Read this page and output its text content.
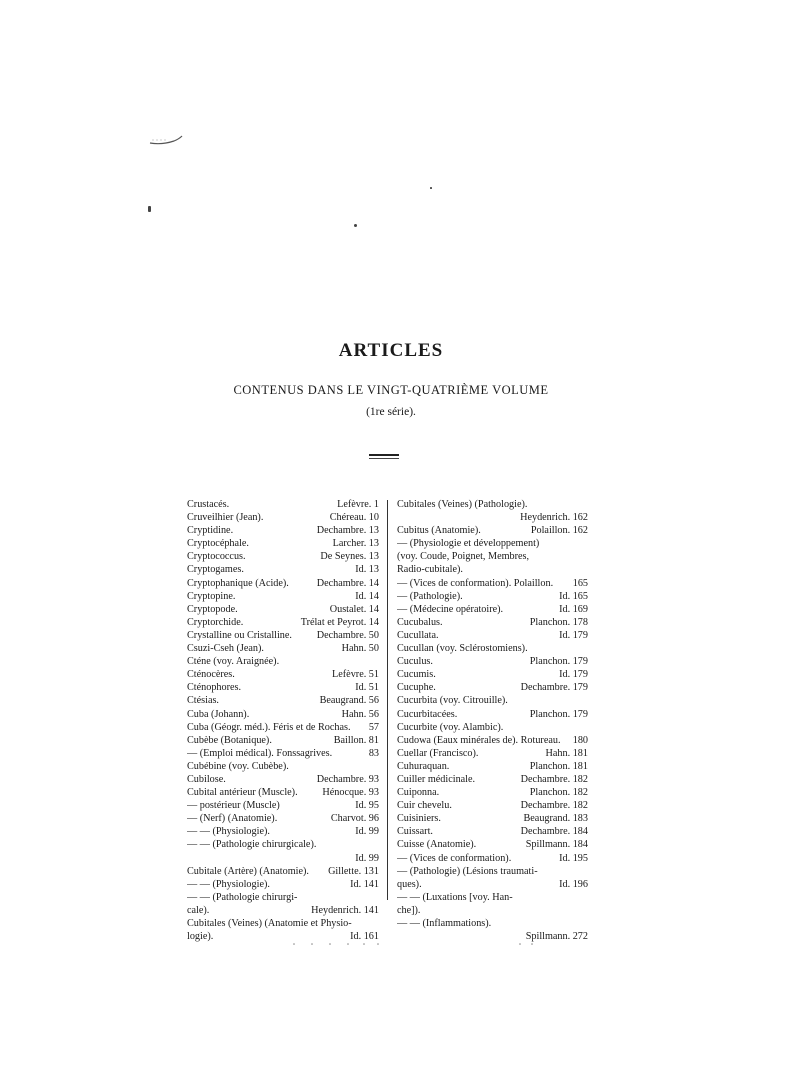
ARTICLES
CONTENUS DANS LE VINGT-QUATRIÈME VOLUME
(1re série).
Crustacés.	Lefèvre. 1
Cruveilhier (Jean).	Chéreau. 10
Cryptidine.	Dechambre. 13
Cryptocéphale.	Larcher. 13
Cryptococcus.	De Seynes. 13
Cryptogames.	Id. 13
Cryptophanique (Acide).	Dechambre. 14
Cryptopine.	Id. 14
Cryptopode.	Oustalet. 14
Cryptorchide.	Trélat et Peyrot. 14
Crystalline ou Cristalline. Dechambre. 50
Csuzi-Cseh (Jean).	Hahn. 50
Cténe (voy. Araignée).
Cténocères.	Lefèvre. 51
Cténophores.	Id. 51
Ctésias.	Beaugrand. 56
Cuba (Johann).	Hahn. 56
Cuba (Géogr. méd.). Féris et de Rochas. 57
Cubèbe (Botanique).	Baillon. 81
— (Emploi médical). Fonssagrives.	83
Cubébine (voy. Cubèbe).
Cubilose.	Dechambre. 93
Cubital antérieur (Muscle). Hénocque. 93
— postérieur (Muscle)	Id. 95
— (Nerf) (Anatomie).	Charvot. 96
— — (Physiologie).	Id. 99
— — (Pathologie chirurgicale).
Id. 99
Cubitale (Artère) (Anatomie). Gillette. 131
— — (Physiologie).	Id. 141
— — (Pathologie chirurgi-
cale).	Heydenrich. 141
Cubitales (Veines) (Anatomie et Physio-
logie).	Id. 161
Cubitales (Veines) (Pathologie).
Heydenrich. 162
Cubitus (Anatomie).	Polaillon. 162
— (Physiologie et développement)
(voy. Coude, Poignet, Membres,
Radio-cubitale).
— (Vices de conformation). Polaillon. 165
— (Pathologie).	Id. 165
— (Médecine opératoire).	Id. 169
Cucubalus.	Planchon. 178
Cucullata.	Id. 179
Cucullan (voy. Sclérostomiens).
Cuculus.	Planchon. 179
Cucumis.	Id. 179
Cucuphe.	Dechambre. 179
Cucurbita (voy. Citrouille).
Cucurbitacées.	Planchon. 179
Cucurbite (voy. Alambic).
Cudowa (Eaux minérales de). Rotureau. 180
Cuellar (Francisco).	Hahn. 181
Cuhuraquan.	Planchon. 181
Cuiller médicinale.	Dechambre. 182
Cuiponna.	Planchon. 182
Cuir chevelu.	Dechambre. 182
Cuisiniers.	Beaugrand. 183
Cuissart.	Dechambre. 184
Cuisse (Anatomie).	Spillmann. 184
— (Vices de conformation).	Id. 195
— (Pathologie) (Lésions traumati-
ques).	Id. 196
— — (Luxations [voy. Han-
che]).
— — (Inflammations).
Spillmann. 272
